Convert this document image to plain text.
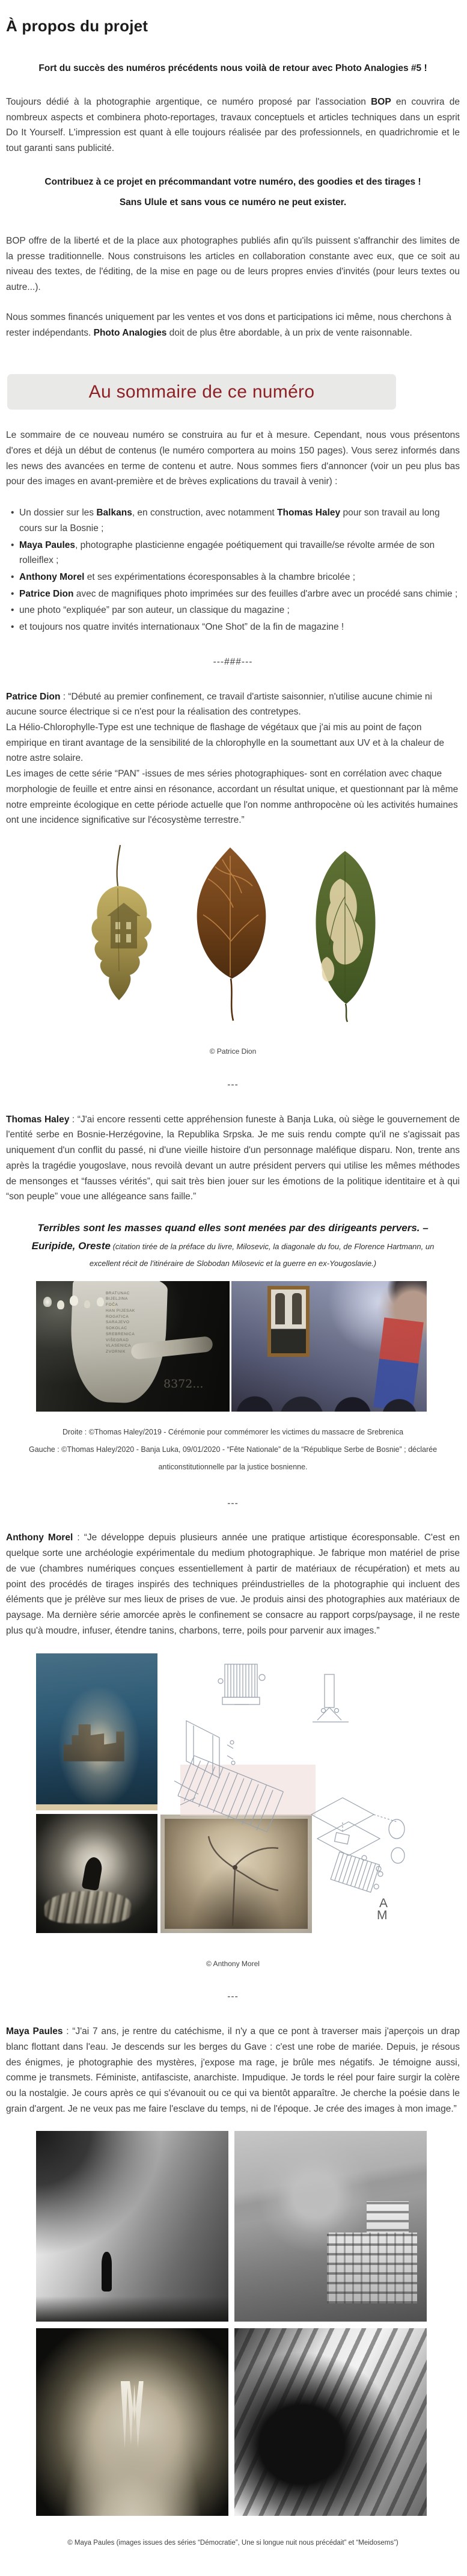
À propos du projet

Fort du succès des numéros précédents nous voilà de retour avec Photo Analogies #5 !

Toujours dédié à la photographie argentique, ce numéro proposé par l'association BOP en couvrira de nombreux aspects et combinera photo-reportages, travaux conceptuels et articles techniques dans un esprit Do It Yourself. L'impression est quant à elle toujours réalisée par des professionnels, en quadrichromie et le tout garanti sans publicité.

Contribuez à ce projet en précommandant votre numéro, des goodies et des tirages !
Sans Ulule et sans vous ce numéro ne peut exister.

BOP offre de la liberté et de la place aux photographes publiés afin qu'ils puissent s'affranchir des limites de la presse traditionnelle. Nous construisons les articles en collaboration constante avec eux, que ce soit au niveau des textes, de l'éditing, de la mise en page ou de leurs propres envies d'invités (pour leurs textes ou autre...).

Nous sommes financés uniquement par les ventes et vos dons et participations ici même, nous cherchons à rester indépendants. Photo Analogies doit de plus être abordable, à un prix de vente raisonnable.

Au sommaire de ce numéro

Le sommaire de ce nouveau numéro se construira au fur et à mesure. Cependant, nous vous présentons d'ores et déjà un début de contenus (le numéro comportera au moins 150 pages). Vous serez informés dans les news des avancées en terme de contenu et autre. Nous sommes fiers d'annoncer (voir un peu plus bas pour des images en avant-première et de brèves explications du travail à venir) :

• Un dossier sur les Balkans, en construction, avec notamment Thomas Haley pour son travail au long cours sur la Bosnie ;
• Maya Paules, photographe plasticienne engagée poétiquement qui travaille/se révolte armée de son rolleiflex ;
• Anthony Morel et ses expérimentations écoresponsables à la chambre bricolée ;
• Patrice Dion avec de magnifiques photo imprimées sur des feuilles d'arbre avec un procédé sans chimie ;
• une photo “expliquée” par son auteur, un classique du magazine ;
• et toujours nos quatre invités internationaux “One Shot” de la fin de magazine !
---###---

Patrice Dion : “Débuté au premier confinement, ce travail d'artiste saisonnier, n'utilise aucune chimie ni aucune source électrique si ce n'est pour la réalisation des contretypes.
La Hélio-Chlorophylle-Type est une technique de flashage de végétaux que j'ai mis au point de façon empirique en tirant avantage de la sensibilité de la chlorophylle en la soumettant aux UV et à la chaleur de notre astre solaire.
Les images de cette série “PAN” -issues de mes séries photographiques- sont en corrélation avec chaque morphologie de feuille et entre ainsi en résonance, accordant un résultat unique, et questionnant par là même notre empreinte écologique en cette période actuelle que l'on nomme anthropocène où les activités humaines ont une incidence significative sur l'écosystème terrestre.”

© Patrice Dion
---

Thomas Haley : “J'ai encore ressenti cette appréhension funeste à Banja Luka, où siège le gouvernement de l'entité serbe en Bosnie-Herzégovine, la Republika Srpska. Je me suis rendu compte qu'il ne s'agissait pas uniquement d'un conflit du passé, ni d'une vieille histoire d'un personnage maléfique disparu. Non, trente ans après la tragédie yougoslave, nous revoilà devant un autre président pervers qui utilise les mêmes méthodes de mensonges et “fausses vérités”, qui sait très bien jouer sur les émotions de la politique identitaire et à qui “son peuple” voue une allégeance sans faille.”

Terribles sont les masses quand elles sont menées par des dirigeants pervers. – Euripide, Oreste (citation tirée de la préface du livre, Milosevic, la diagonale du fou, de Florence Hartmann, un excellent récit de l'itinéraire de Slobodan Milosevic et la guerre en ex-Yougoslavie.)

BRATUNAC
BIJELJINA
FOČA
HAN PIJESAK
ROGATICA
SARAJEVO
SOKOLAC
SREBRENICA
VIŠEGRAD
VLASENICA
ZVORNIK
8372...
Droite : ©Thomas Haley/2019 - Cérémonie pour commémorer les victimes du massacre de Srebrenica
Gauche : ©Thomas Haley/2020 - Banja Luka, 09/01/2020 - “Fête Nationale” de la “République Serbe de Bosnie” ; déclarée anticonstitutionnelle par la justice bosnienne.
---

Anthony Morel : “Je développe depuis plusieurs année une pratique artistique écoresponsable. C'est en quelque sorte une archéologie expérimentale du medium photographique. Je fabrique mon matériel de prise de vue (chambres numériques conçues essentiellement à partir de matériaux de récupération) et mets au point des procédés de tirages inspirés des techniques préindustrielles de la photographie qui incluent des éléments que je prélève sur mes lieux de prises de vue. Je produis ainsi des photographies aux matériaux de paysage. Ma dernière série amorcée après le confinement se consacre au rapport corps/paysage, il ne reste plus qu'à moudre, infuser, étendre tanins, charbons, terre, poils pour parvenir aux images.”

A
M
© Anthony Morel
---

Maya Paules : “J'ai 7 ans, je rentre du catéchisme, il n'y a que ce pont à traverser mais j'aperçois un drap blanc flottant dans l'eau. Je descends sur les berges du Gave : c'est une robe de mariée. Depuis, je résous des énigmes, je photographie des mystères, j'expose ma rage, je brûle mes négatifs. Je témoigne aussi, comme je transmets. Féministe, antifasciste, anarchiste. Impudique. Je tords le réel pour faire surgir la colère ou la nostalgie. Je cours après ce qui s'évanouit ou ce qui va bientôt apparaître. Je cherche la poésie dans le grain d'argent. Je ne veux pas me faire l'esclave du temps, ni de l'époque. Je crée des images à mon image.”

© Maya Paules (images issues des séries “Démocratie”, Une si longue nuit nous précédait” et “Meidosems”)
